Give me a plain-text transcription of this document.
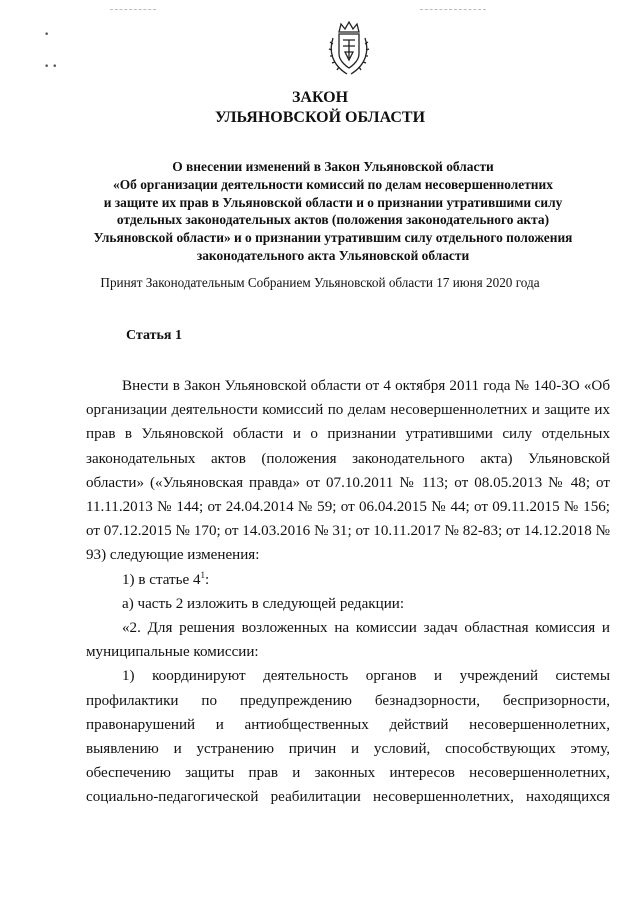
•
• •
ЗАКОН
УЛЬЯНОВСКОЙ ОБЛАСТИ
О внесении изменений в Закон Ульяновской области
«Об организации деятельности комиссий по делам несовершеннолетних
и защите их прав в Ульяновской области и о признании утратившими силу
отдельных законодательных актов (положения законодательного акта)
Ульяновской области» и о признании утратившим силу отдельного положения
законодательного акта Ульяновской области
Принят Законодательным Собранием Ульяновской области 17 июня 2020 года
Статья 1

Внести в Закон Ульяновской области от 4 октября 2011 года № 140-ЗО «Об организации деятельности комиссий по делам несовершеннолетних и защите их прав в Ульяновской области и о признании утратившими силу отдельных законодательных актов (положения законодательного акта) Ульяновской области» («Ульяновская правда» от 07.10.2011 № 113; от 08.05.2013 № 48; от 11.11.2013 № 144; от 24.04.2014 № 59; от 06.04.2015 № 44; от 09.11.2015 № 156; от 07.12.2015 № 170; от 14.03.2016 № 31; от 10.11.2017 № 82-83; от 14.12.2018 № 93) следующие изменения:

1) в статье $4^1$:

а) часть 2 изложить в следующей редакции:

«2. Для решения возложенных на комиссии задач областная комиссия и муниципальные комиссии:

1) координируют деятельность органов и учреждений системы профилактики по предупреждению безнадзорности, беспризорности, правонарушений и антиобщественных действий несовершеннолетних, выявлению и устранению причин и условий, способствующих этому, обеспечению защиты прав и законных интересов несовершеннолетних, социально-педагогической реабилитации несовершеннолетних, находящихся
